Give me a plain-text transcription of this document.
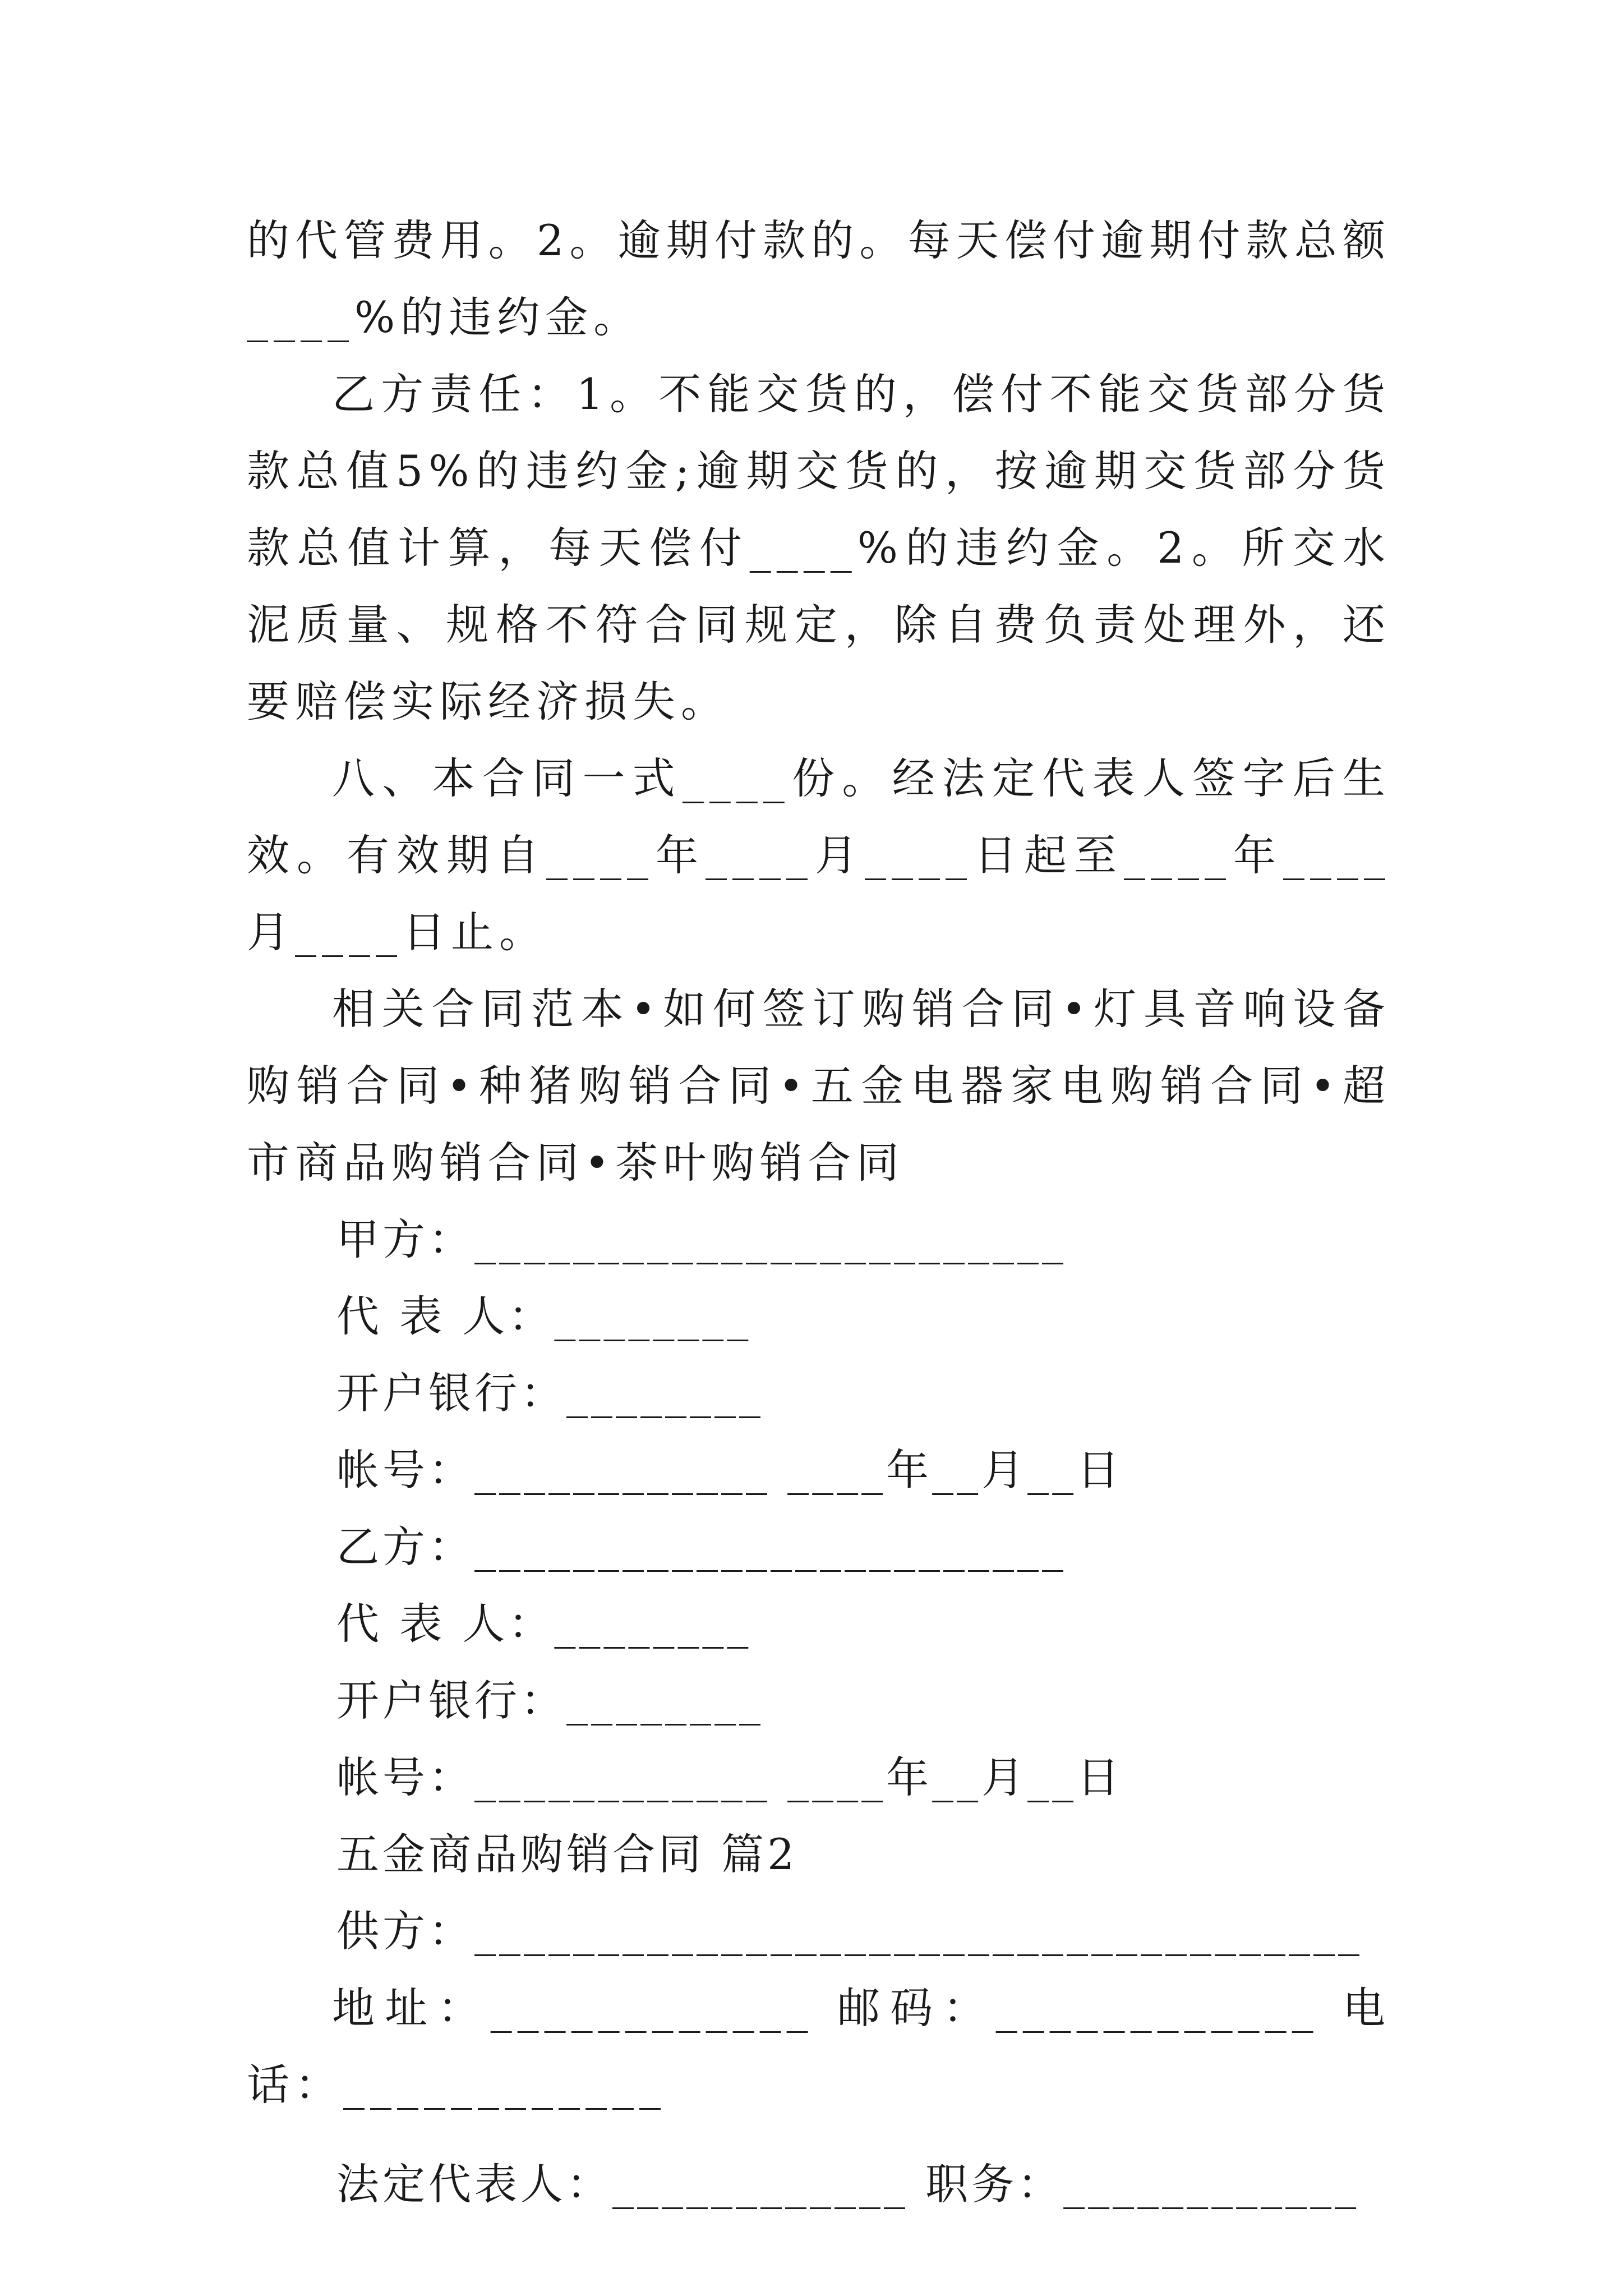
的代管费用。2。逾期付款的。每天偿付逾期付款总额____%的违约金。

乙方责任：1。不能交货的，偿付不能交货部分货款总值5%的违约金;逾期交货的，按逾期交货部分货款总值计算，每天偿付____%的违约金。2。所交水泥质量、规格不符合同规定，除自费负责处理外，还要赔偿实际经济损失。

八、本合同一式____份。经法定代表人签字后生效。有效期自____年____月____日起至____年____月____日止。

相关合同范本•如何签订购销合同•灯具音响设备购销合同•种猪购销合同•五金电器家电购销合同•超市商品购销合同•茶叶购销合同

甲方：________________________

代 表 人：________

开户银行：________

帐号：____________ ____年__月__日

乙方：________________________

代 表 人：________

开户银行：________

帐号：____________ ____年__月__日

五金商品购销合同 篇2

供方：____________________________________

地址：____________ 邮码：____________ 电话：____________

法定代表人：____________ 职务：____________
